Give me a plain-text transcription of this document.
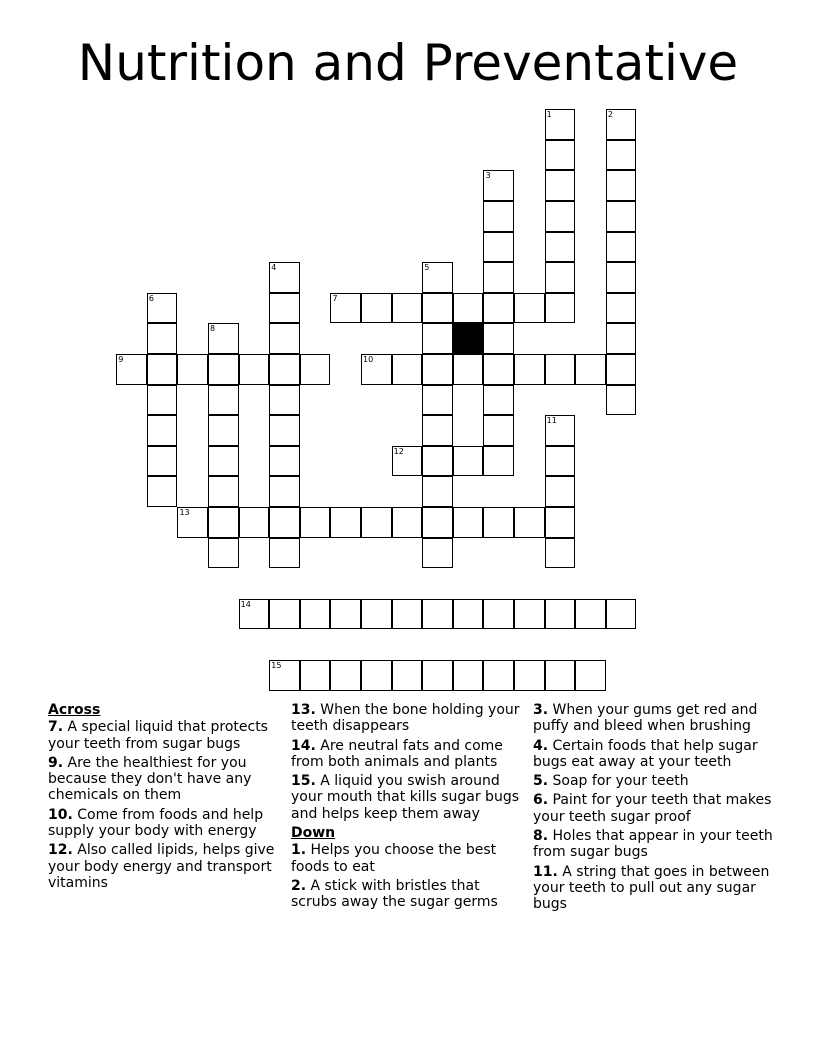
Nutrition and Preventative
1	2
3
4	5
6	7
8
9	10
11
12
13
14
15
Across
7. A special liquid that protects your teeth from sugar bugs
9. Are the healthiest for you because they don't have any chemicals on them
10. Come from foods and help supply your body with energy
12. Also called lipids, helps give your body energy and transport vitamins
13. When the bone holding your teeth disappears
14. Are neutral fats and come from both animals and plants
15. A liquid you swish around your mouth that kills sugar bugs and helps keep them away
Down
1. Helps you choose the best foods to eat
2. A stick with bristles that scrubs away the sugar germs
3. When your gums get red and puffy and bleed when brushing
4. Certain foods that help sugar bugs eat away at your teeth
5. Soap for your teeth
6. Paint for your teeth that makes your teeth sugar proof
8. Holes that appear in your teeth from sugar bugs
11. A string that goes in between your teeth to pull out any sugar bugs
